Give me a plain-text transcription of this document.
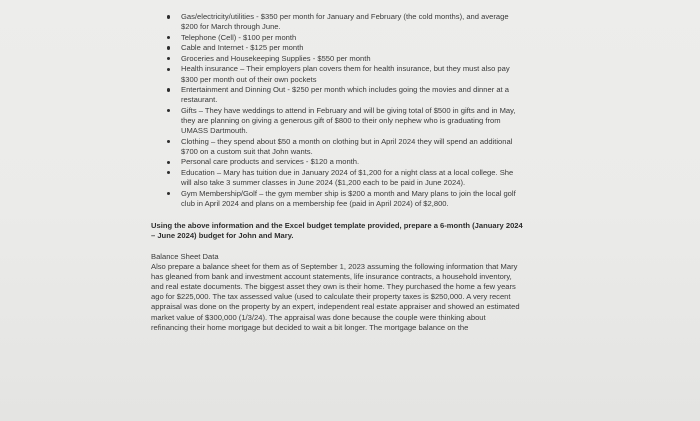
Gas/electricity/utilities - $350 per month for January and February (the cold months), and average $200 for March through June.
Telephone (Cell) - $100 per month
Cable and Internet - $125 per month
Groceries and Housekeeping Supplies - $550 per month
Health insurance – Their employers plan covers them for health insurance, but they must also pay $300 per month out of their own pockets
Entertainment and Dinning Out - $250 per month which includes going the movies and dinner at a restaurant.
Gifts – They have weddings to attend in February and will be giving total of $500 in gifts and in May, they are planning on giving a generous gift of $800 to their only nephew who is graduating from UMASS Dartmouth.
Clothing – they spend about $50 a month on clothing but in April 2024 they will spend an additional $700 on a custom suit that John wants.
Personal care products and services - $120 a month.
Education – Mary has tuition due in January 2024 of $1,200 for a night class at a local college. She will also take 3 summer classes in June 2024 ($1,200 each to be paid in June 2024).
Gym Membership/Golf – the gym member ship is $200 a month and Mary plans to join the local golf club in April 2024 and plans on a membership fee (paid in April 2024) of $2,800.

Using the above information and the Excel budget template provided, prepare a 6-month (January 2024 – June 2024) budget for John and Mary.

Balance Sheet Data

Also prepare a balance sheet for them as of September 1, 2023 assuming the following information that Mary has gleaned from bank and investment account statements, life insurance contracts, a household inventory, and real estate documents. The biggest asset they own is their home. They purchased the home a few years ago for $225,000. The tax assessed value (used to calculate their property taxes is $250,000. A very recent appraisal was done on the property by an expert, independent real estate appraiser and showed an estimated market value of $300,000 (1/3/24). The appraisal was done because the couple were thinking about refinancing their home mortgage but decided to wait a bit longer. The mortgage balance on the
